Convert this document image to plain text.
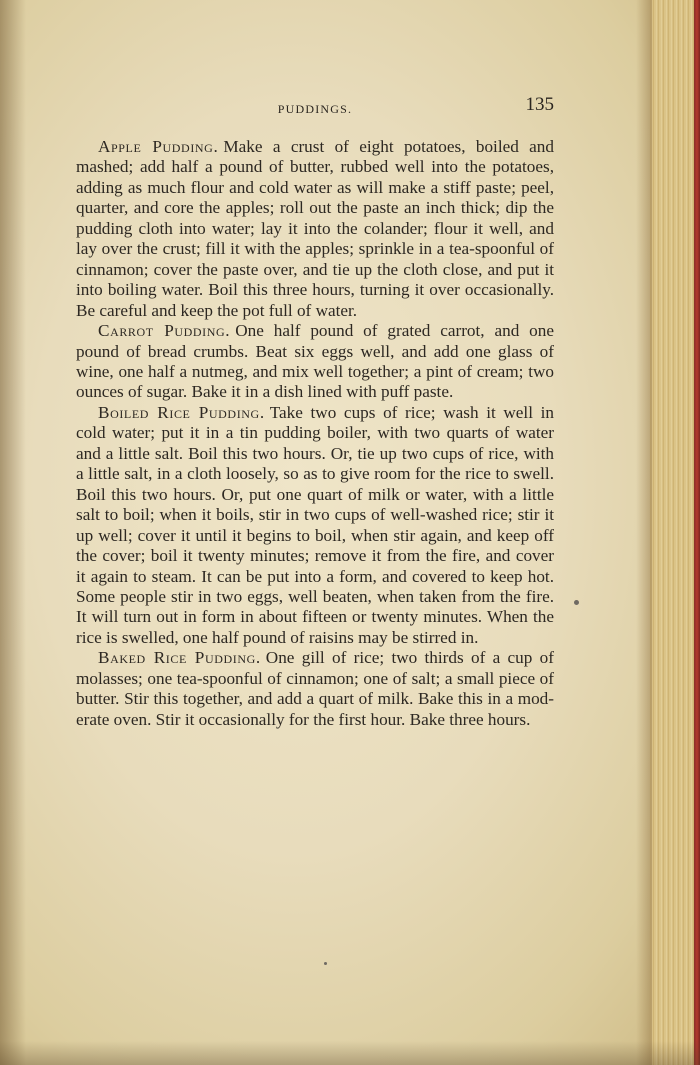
PUDDINGS.	135

Apple Pudding. Make a crust of eight potatoes, boiled and mashed; add half a pound of butter, rubbed well into the potatoes, adding as much flour and cold water as will make a stiff paste; peel, quarter, and core the apples; roll out the paste an inch thick; dip the pudding cloth into water; lay it into the colander; flour it well, and lay over the crust; fill it with the apples; sprinkle in a tea-spoonful of cinnamon; cover the paste over, and tie up the cloth close, and put it into boiling water. Boil this three hours, turning it over occasionally. Be careful and keep the pot full of water.

Carrot Pudding. One half pound of grated carrot, and one pound of bread crumbs. Beat six eggs well, and add one glass of wine, one half a nutmeg, and mix well together; a pint of cream; two ounces of sugar. Bake it in a dish lined with puff paste.

Boiled Rice Pudding. Take two cups of rice; wash it well in cold water; put it in a tin pudding boiler, with two quarts of water and a little salt. Boil this two hours. Or, tie up two cups of rice, with a little salt, in a cloth loosely, so as to give room for the rice to swell. Boil this two hours. Or, put one quart of milk or water, with a little salt to boil; when it boils, stir in two cups of well-washed rice; stir it up well; cover it until it begins to boil, when stir again, and keep off the cover; boil it twenty minutes; remove it from the fire, and cover it again to steam. It can be put into a form, and covered to keep hot. Some people stir in two eggs, well beaten, when taken from the fire. It will turn out in form in about fifteen or twenty minutes. When the rice is swelled, one half pound of raisins may be stirred in.

Baked Rice Pudding. One gill of rice; two thirds of a cup of molasses; one tea-spoonful of cinnamon; one of salt; a small piece of butter. Stir this together, and add a quart of milk. Bake this in a moderate oven. Stir it occasionally for the first hour. Bake three hours.
